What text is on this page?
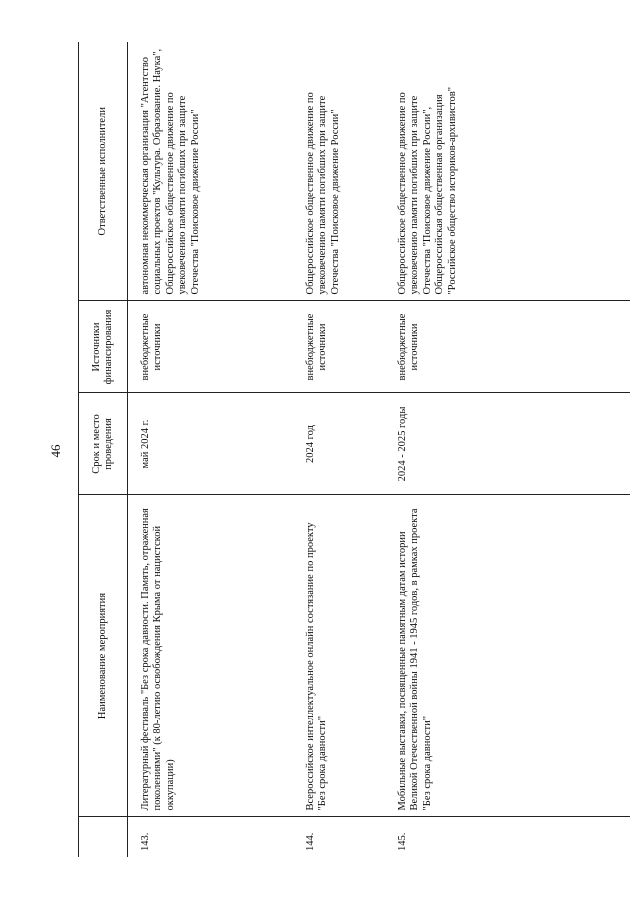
46
	Наименование мероприятия	Срок и место проведения	Источники финансирования	Ответственные исполнители
143.	Литературный фестиваль "Без срока давности. Память, отраженная поколениями" (к 80-летию освобождения Крыма от нацистской оккупации)	май 2024 г.	внебюджетные источники	автономная некоммерческая организация "Агентство социальных проектов "Культура. Образование. Наука", Общероссийское общественное движение по увековечению памяти погибших при защите Отечества "Поисковое движение России"
144.	Всероссийское интеллектуальное онлайн состязание по проекту "Без срока давности"	2024 год	внебюджетные источники	Общероссийское общественное движение по увековечению памяти погибших при защите Отечества "Поисковое движение России"
145.	Мобильные выставки, посвященные памятным датам истории Великой Отечественной войны 1941 - 1945 годов, в рамках проекта "Без срока давности"	2024 - 2025 годы	внебюджетные источники	Общероссийское общественное движение по увековечению памяти погибших при защите Отечества "Поисковое движение России", Общероссийская общественная организация "Российское общество историков-архивистов"
